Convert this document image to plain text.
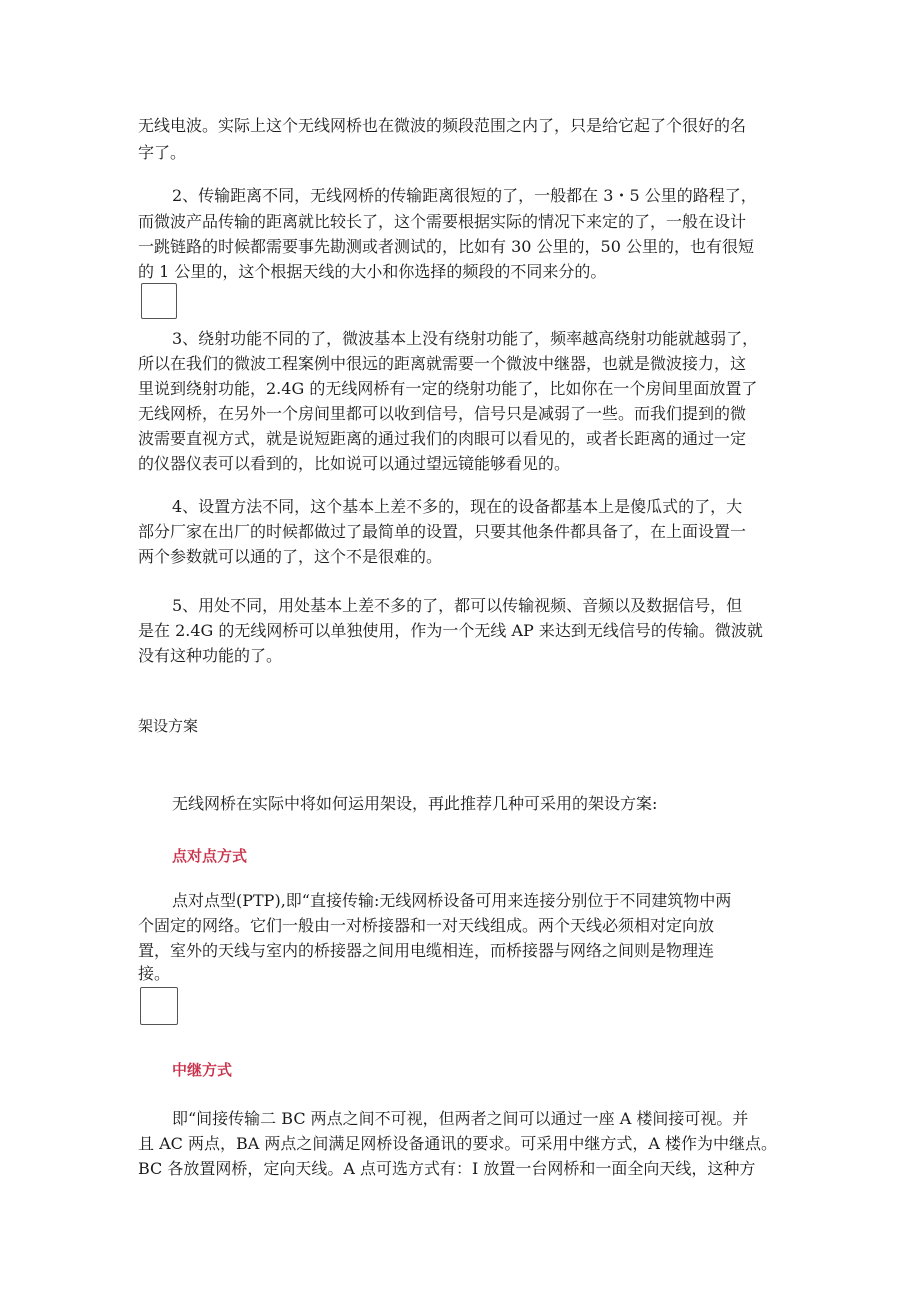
无线电波。实际上这个无线网桥也在微波的频段范围之内了，只是给它起了个很好的名
字了。
2、传输距离不同，无线网桥的传输距离很短的了，一般都在 3・5 公里的路程了，
而微波产品传输的距离就比较长了，这个需要根据实际的情况下来定的了，一般在设计
一跳链路的时候都需要事先勘测或者测试的，比如有 30 公里的，50 公里的，也有很短
的 1 公里的，这个根据天线的大小和你选择的频段的不同来分的。
3、绕射功能不同的了，微波基本上没有绕射功能了，频率越高绕射功能就越弱了，
所以在我们的微波工程案例中很远的距离就需要一个微波中继器，也就是微波接力，这
里说到绕射功能，2.4G 的无线网桥有一定的绕射功能了，比如你在一个房间里面放置了
无线网桥，在另外一个房间里都可以收到信号，信号只是减弱了一些。而我们提到的微
波需要直视方式，就是说短距离的通过我们的肉眼可以看见的，或者长距离的通过一定
的仪器仪表可以看到的，比如说可以通过望远镜能够看见的。
4、设置方法不同，这个基本上差不多的，现在的设备都基本上是傻瓜式的了，大
部分厂家在出厂的时候都做过了最简单的设置，只要其他条件都具备了，在上面设置一
两个参数就可以通的了，这个不是很难的。
5、用处不同，用处基本上差不多的了，都可以传输视频、音频以及数据信号，但
是在 2.4G 的无线网桥可以单独使用，作为一个无线 AP 来达到无线信号的传输。微波就
没有这种功能的了。
架设方案
无线网桥在实际中将如何运用架设，再此推荐几种可采用的架设方案:
点对点方式
点对点型(PTP),即“直接传输:无线网桥设备可用来连接分别位于不同建筑物中两
个固定的网络。它们一般由一对桥接器和一对天线组成。两个天线必须相对定向放
置，室外的天线与室内的桥接器之间用电缆相连，而桥接器与网络之间则是物理连
接。
中继方式
即“间接传输二 BC 两点之间不可视，但两者之间可以通过一座 A 楼间接可视。并
且 AC 两点，BA 两点之间满足网桥设备通讯的要求。可采用中继方式，A 楼作为中继点。
BC 各放置网桥，定向天线。A 点可选方式有：I 放置一台网桥和一面全向天线，这种方
